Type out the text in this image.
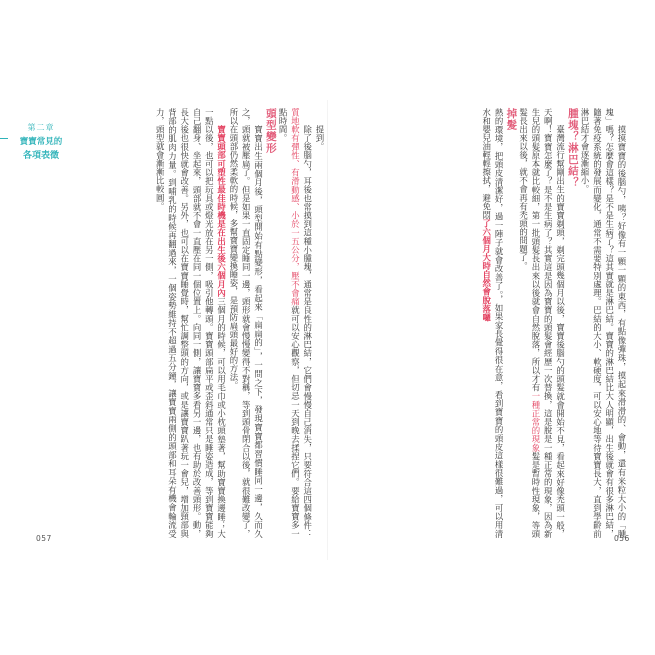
第二章
寶寶常見的
各項表徵

提到。

除了後腦勺，耳後也常摸到這種小腫塊，通常是良性的淋巴結，它們會慢慢自己消失，只要符合這四個條件：質地軟有彈性、有滑動感、小於一五公分，壓不會痛就可以安心觀察，但切忌一天到晚去揉捏它們。要給寶寶多一點時間。

頭型變形

寶寶出生兩個月後，頭型開始有點變形，看起來「扁扁的」，一問之下，發現寶寶都習慣睡同一邊，久而久之，頭就被壓扁了。但是如果一直固定睡同一邊，頭形就會慢慢變得不對稱，等到頭骨閉合以後，就很難改變了，所以在頭部仍然柔軟的時候，多幫寶寶變換睡姿，是預防扁頭最好的方法。

寶寶頭部可塑性最佳時機是在出生後六個月內三個月的時候，可以用毛巾或小枕頭墊著，幫助寶寶換邊睡；大一點以後，也可以把玩具或燈光放在另一側，吸引他轉頭。寶寶頭部扁平或歪斜通常只是睡姿造成，等到寶寶能夠自己翻身、坐起來，頭部就不會一直壓在同一個位置上。向同一側，讓寶寶多看另一邊，也有助於改善頭形。動，長大後也很快就會改善。另外，也可以在寶寶睡覺時，幫忙調整頭的方向，或是讓寶寶趴著玩一會兒，增加頸部與背部的肌肉力量。到哺乳的時候再翻過來，一個姿勢維持不超過五分鐘，讓寶寶兩側的頭部和耳朵有機會輪流受力，頭型就會漸漸比較圓。

057

摸摸寶寶的後腦勺，咦？好像有一顆一顆的東西，有點像彈珠，摸起來滑滑的、會動，還有米粒大小的「腫塊」嗎？怎麼會這樣？是不是生病了？這其實就是淋巴結。寶寶的淋巴結比大人明顯，出生後就會有很多淋巴結，隨著免疫系統的發展而變化，通常不需要特別處理。巴結的大小、軟硬度，可以安心地等待寶寶長大，直到學齡前淋巴結才會逐漸縮小。

腫塊？淋巴結？

臺灣流行幫剛出生的寶寶剃頭，剃完頭幾個月以後，寶寶後腦勺的頭髮就會開始不見，看起來好像禿頭一般，天啊！寶寶怎麼了？是不是生病了？其實這是因為寶寶的頭髮會經歷一次替換，這是脫是一種正常的現象，因為新生兒的頭髮原本就比較細，第一批頭髮長出來以後就會自然脫落，所以才有一種正常的現象髮是暫時性現象，等頭髮長出來以後，就不會再有禿頭的問題了。

掉髮

熱的環境，把頭皮清潔好，過一陣子就會改善了。，如果家長覺得很在意，看到寶寶的頭皮這樣很難過，可以用清水和嬰兒油輕輕擦拭，避免悶了六個月大時自然會脫落囉

056
